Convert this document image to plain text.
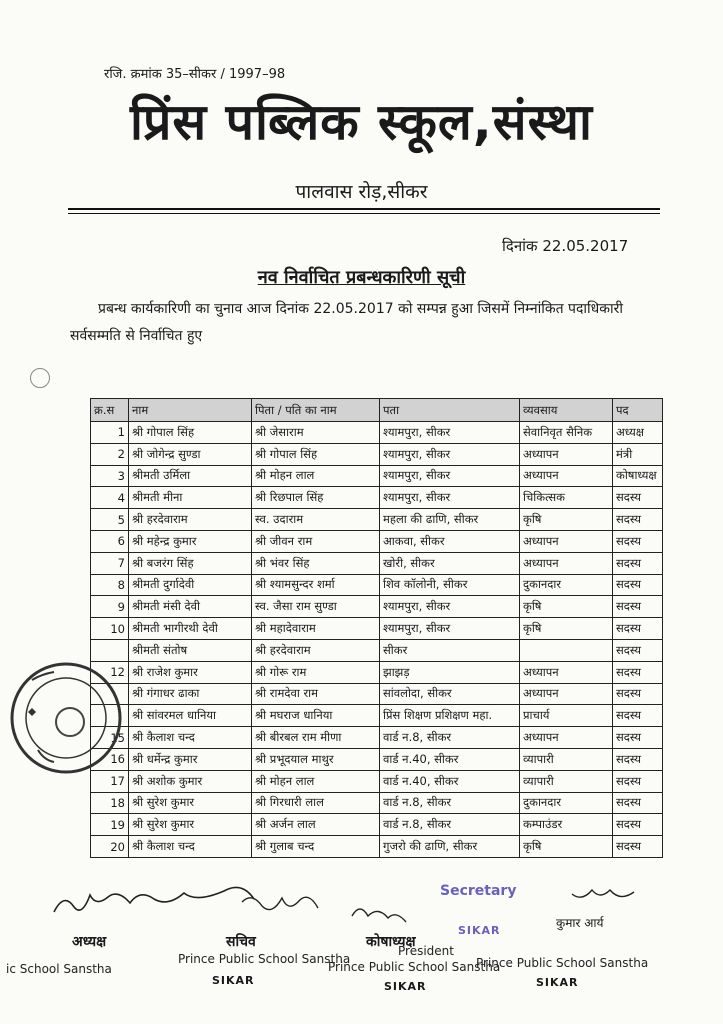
रजि. क्रमांक 35–सीकर / 1997–98
प्रिंस पब्लिक स्कूल,संस्था
पालवास रोड़,सीकर
दिनांक 22.05.2017
नव निर्वाचित प्रबन्धकारिणी सूची
प्रबन्ध कार्यकारिणी का चुनाव आज दिनांक 22.05.2017 को सम्पन्न हुआ जिसमें निम्नांकित पदाधिकारी सर्वसम्मति से निर्वाचित हुए
क्र.स	नाम	पिता / पति का नाम	पता	व्यवसाय	पद
1	श्री गोपाल सिंह	श्री जेसाराम	श्यामपुरा, सीकर	सेवानिवृत सैनिक	अध्यक्ष
2	श्री जोगेन्द्र सुण्डा	श्री गोपाल सिंह	श्यामपुरा, सीकर	अध्यापन	मंत्री
3	श्रीमती उर्मिला	श्री मोहन लाल	श्यामपुरा, सीकर	अध्यापन	कोषाध्यक्ष
4	श्रीमती मीना	श्री रिछपाल सिंह	श्यामपुरा, सीकर	चिकित्सक	सदस्य
5	श्री हरदेवाराम	स्व. उदाराम	महला की ढाणि, सीकर	कृषि	सदस्य
6	श्री महेन्द्र कुमार	श्री जीवन राम	आकवा, सीकर	अध्यापन	सदस्य
7	श्री बजरंग सिंह	श्री भंवर सिंह	खोरी, सीकर	अध्यापन	सदस्य
8	श्रीमती दुर्गादेवी	श्री श्यामसुन्दर शर्मा	शिव कॉलोनी, सीकर	दुकानदार	सदस्य
9	श्रीमती मंसी देवी	स्व. जैसा राम सुण्डा	श्यामपुरा, सीकर	कृषि	सदस्य
10	श्रीमती भागीरथी देवी	श्री महादेवाराम	श्यामपुरा, सीकर	कृषि	सदस्य
	श्रीमती संतोष	श्री हरदेवाराम	सीकर		सदस्य
12	श्री राजेश कुमार	श्री गोरू राम	झाझड़	अध्यापन	सदस्य
	श्री गंगाधर ढाका	श्री रामदेवा राम	सांवलोदा, सीकर	अध्यापन	सदस्य
	श्री सांवरमल धानिया	श्री मघराज धानिया	प्रिंस शिक्षण प्रशिक्षण महा.	प्राचार्य	सदस्य
15	श्री कैलाश चन्द	श्री बीरबल राम मीणा	वार्ड न.8, सीकर	अध्यापन	सदस्य
16	श्री धर्मेन्द्र कुमार	श्री प्रभूदयाल माथुर	वार्ड न.40, सीकर	व्यापारी	सदस्य
17	श्री अशोक कुमार	श्री मोहन लाल	वार्ड न.40, सीकर	व्यापारी	सदस्य
18	श्री सुरेश कुमार	श्री गिरधारी लाल	वार्ड न.8, सीकर	दुकानदार	सदस्य
19	श्री सुरेश कुमार	श्री अर्जन लाल	वार्ड न.8, सीकर	कम्पाउंडर	सदस्य
20	श्री कैलाश चन्द	श्री गुलाब चन्द	गुजरो की ढाणि, सीकर	कृषि	सदस्य
Secretary
अध्यक्ष	सचिव	कोषाध्यक्ष
कुमार आर्य
ic School Sanstha
Prince Public School Sanstha
Prince Public School Sanstha
President
Prince Public School Sanstha
SIKAR	SIKAR	SIKAR
SIKAR
